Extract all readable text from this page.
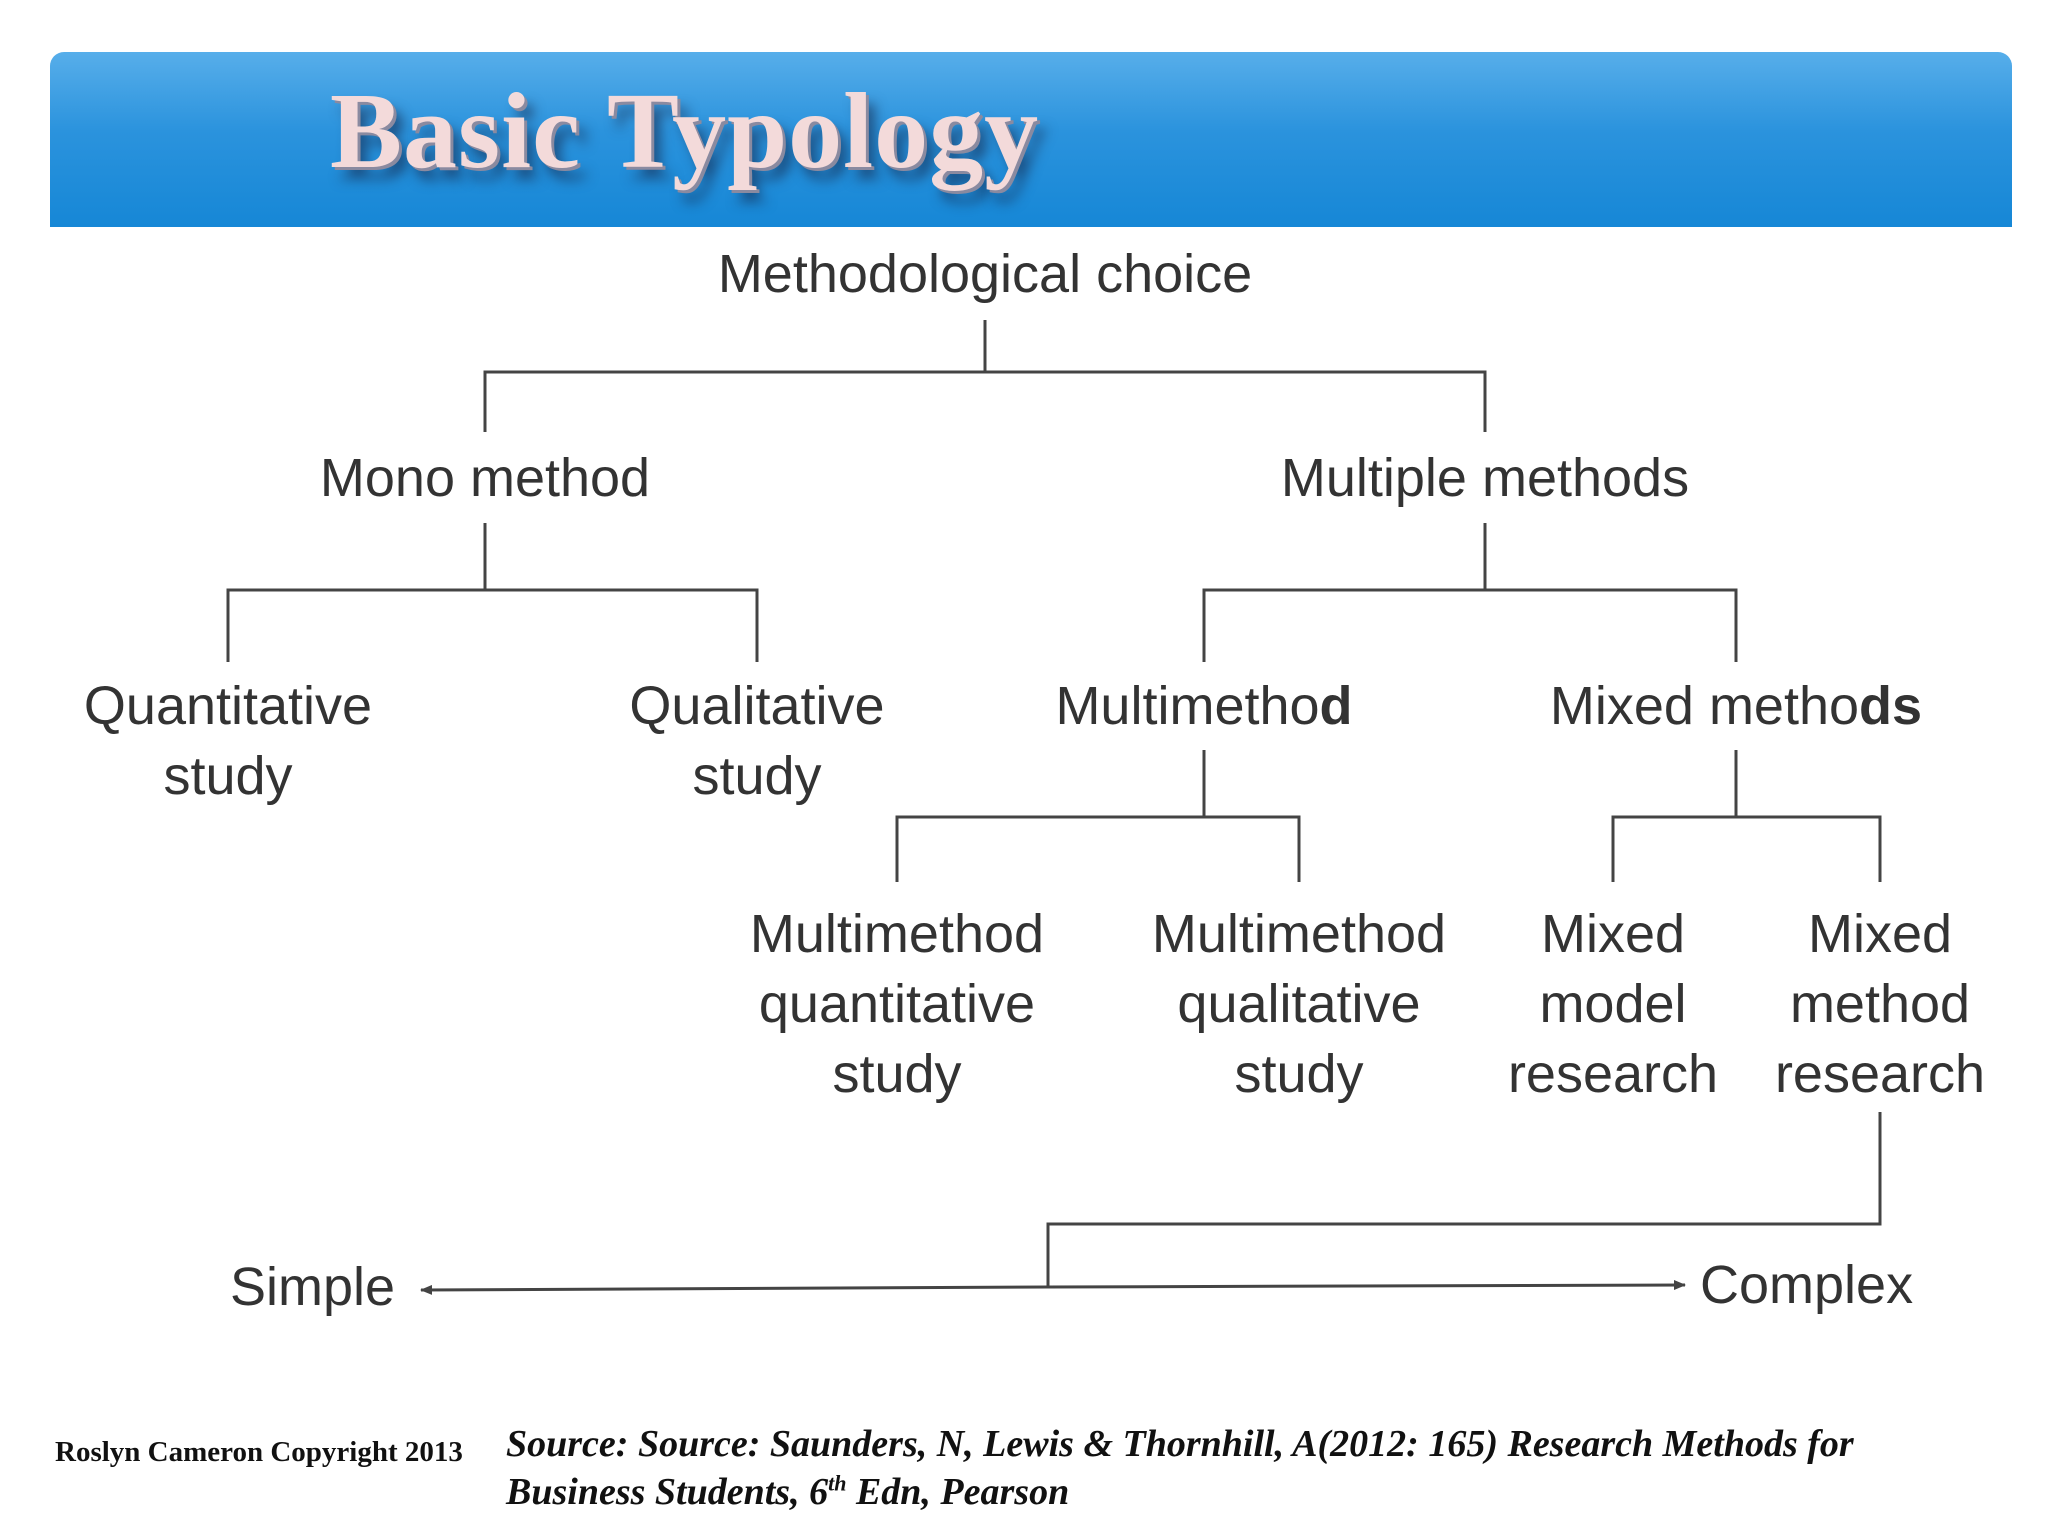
Basic Typology
Methodological choice
Mono method	Multiple methods
Quantitative
study
Qualitative
study
Multimethod	Mixed methods
Multimethod
quantitative
study
Multimethod
qualitative
study
Mixed
model
research
Mixed
method
research
Simple	Complex
Roslyn Cameron Copyright 2013 Source: Source: Saunders, N, Lewis & Thornhill, A(2012: 165) Research Methods for
Business Students, 6th Edn, Pearson
